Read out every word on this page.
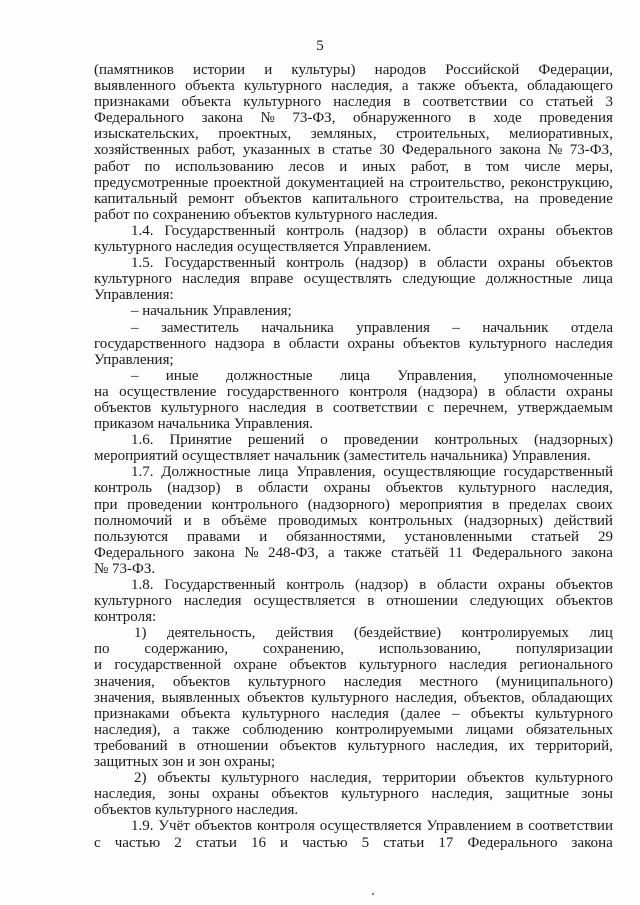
5
(памятников истории и культуры) народов Российской Федерации,
выявленного объекта культурного наследия, а также объекта, обладающего
признаками объекта культурного наследия в соответствии со статьей 3
Федерального закона № 73-ФЗ, обнаруженного в ходе проведения
изыскательских, проектных, земляных, строительных, мелиоративных,
хозяйственных работ, указанных в статье 30 Федерального закона № 73-ФЗ,
работ по использованию лесов и иных работ, в том числе меры,
предусмотренные проектной документацией на строительство, реконструкцию,
капитальный ремонт объектов капитального строительства, на проведение
работ по сохранению объектов культурного наследия.
1.4. Государственный контроль (надзор) в области охраны объектов
культурного наследия осуществляется Управлением.
1.5. Государственный контроль (надзор) в области охраны объектов
культурного наследия вправе осуществлять следующие должностные лица
Управления:
– начальник Управления;
– заместитель начальника управления – начальник отдела
государственного надзора в области охраны объектов культурного наследия
Управления;
– иные должностные лица Управления, уполномоченные
на осуществление государственного контроля (надзора) в области охраны
объектов культурного наследия в соответствии с перечнем, утверждаемым
приказом начальника Управления.
1.6. Принятие решений о проведении контрольных (надзорных)
мероприятий осуществляет начальник (заместитель начальника) Управления.
1.7. Должностные лица Управления, осуществляющие государственный
контроль (надзор) в области охраны объектов культурного наследия,
при проведении контрольного (надзорного) мероприятия в пределах своих
полномочий и в объёме проводимых контрольных (надзорных) действий
пользуются правами и обязанностями, установленными статьей 29
Федерального закона № 248-ФЗ, а также статьёй 11 Федерального закона
№ 73-ФЗ.
1.8. Государственный контроль (надзор) в области охраны объектов
культурного наследия осуществляется в отношении следующих объектов
контроля:
1) деятельность, действия (бездействие) контролируемых лиц
по содержанию, сохранению, использованию, популяризации
и государственной охране объектов культурного наследия регионального
значения, объектов культурного наследия местного (муниципального)
значения, выявленных объектов культурного наследия, объектов, обладающих
признаками объекта культурного наследия (далее – объекты культурного
наследия), а также соблюдению контролируемыми лицами обязательных
требований в отношении объектов культурного наследия, их территорий,
защитных зон и зон охраны;
2) объекты культурного наследия, территории объектов культурного
наследия, зоны охраны объектов культурного наследия, защитные зоны
объектов культурного наследия.
1.9. Учёт объектов контроля осуществляется Управлением в соответствии
с частью 2 статьи 16 и частью 5 статьи 17 Федерального закона
